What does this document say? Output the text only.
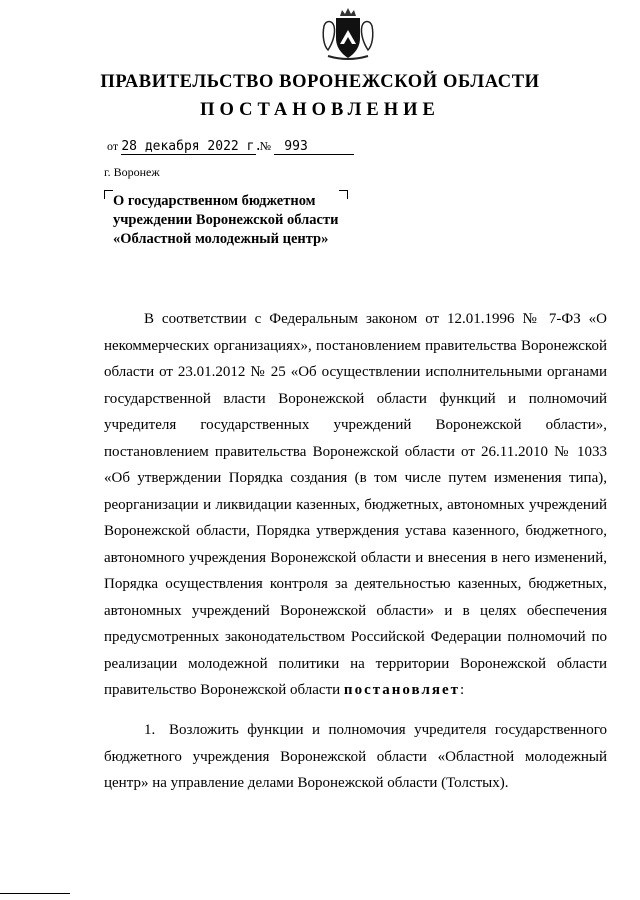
ПРАВИТЕЛЬСТВО ВОРОНЕЖСКОЙ ОБЛАСТИ
ПОСТАНОВЛЕНИЕ
от 28 декабря 2022 г. № 993
г. Воронеж
О государственном бюджетном
учреждении Воронежской области
«Областной молодежный центр»

В соответствии с Федеральным законом от 12.01.1996 № 7-ФЗ «О некоммерческих организациях», постановлением правительства Воронежской области от 23.01.2012 № 25 «Об осуществлении исполнительными органами государственной власти Воронежской области функций и полномочий учредителя государственных учреждений Воронежской области», постановлением правительства Воронежской области от 26.11.2010 № 1033 «Об утверждении Порядка создания (в том числе путем изменения типа), реорганизации и ликвидации казенных, бюджетных, автономных учреждений Воронежской области, Порядка утверждения устава казенного, бюджетного, автономного учреждения Воронежской области и внесения в него изменений, Порядка осуществления контроля за деятельностью казенных, бюджетных, автономных учреждений Воронежской области» и в целях обеспечения предусмотренных законодательством Российской Федерации полномочий по реализации молодежной политики на территории Воронежской области правительство Воронежской области постановляет:

1. Возложить функции и полномочия учредителя государственного бюджетного учреждения Воронежской области «Областной молодежный центр» на управление делами Воронежской области (Толстых).
